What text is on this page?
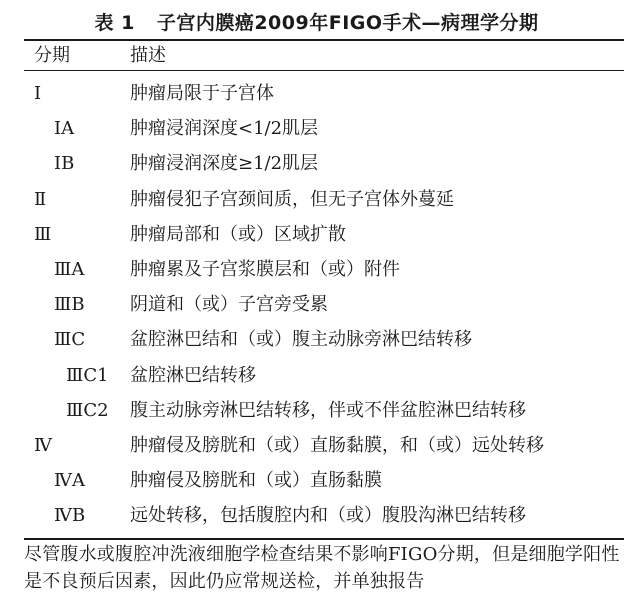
表 1 子宫内膜癌2009年FIGO手术—病理学分期
分期	描述
Ⅰ	肿瘤局限于子宫体
ⅠA	肿瘤浸润深度<1/2肌层
ⅠB	肿瘤浸润深度≥1/2肌层
Ⅱ	肿瘤侵犯子宫颈间质，但无子宫体外蔓延
Ⅲ	肿瘤局部和（或）区域扩散
ⅢA	肿瘤累及子宫浆膜层和（或）附件
ⅢB	阴道和（或）子宫旁受累
ⅢC 盆腔淋巴结和（或）腹主动脉旁淋巴结转移
ⅢC1 盆腔淋巴结转移
ⅢC2 腹主动脉旁淋巴结转移，伴或不伴盆腔淋巴结转移
Ⅳ	肿瘤侵及膀胱和（或）直肠黏膜，和（或）远处转移
ⅣA	肿瘤侵及膀胱和（或）直肠黏膜
ⅣB 远处转移，包括腹腔内和（或）腹股沟淋巴结转移
尽管腹水或腹腔冲洗液细胞学检查结果不影响FIGO分期，但是细胞学阳性是不良预后因素，因此仍应常规送检，并单独报告
